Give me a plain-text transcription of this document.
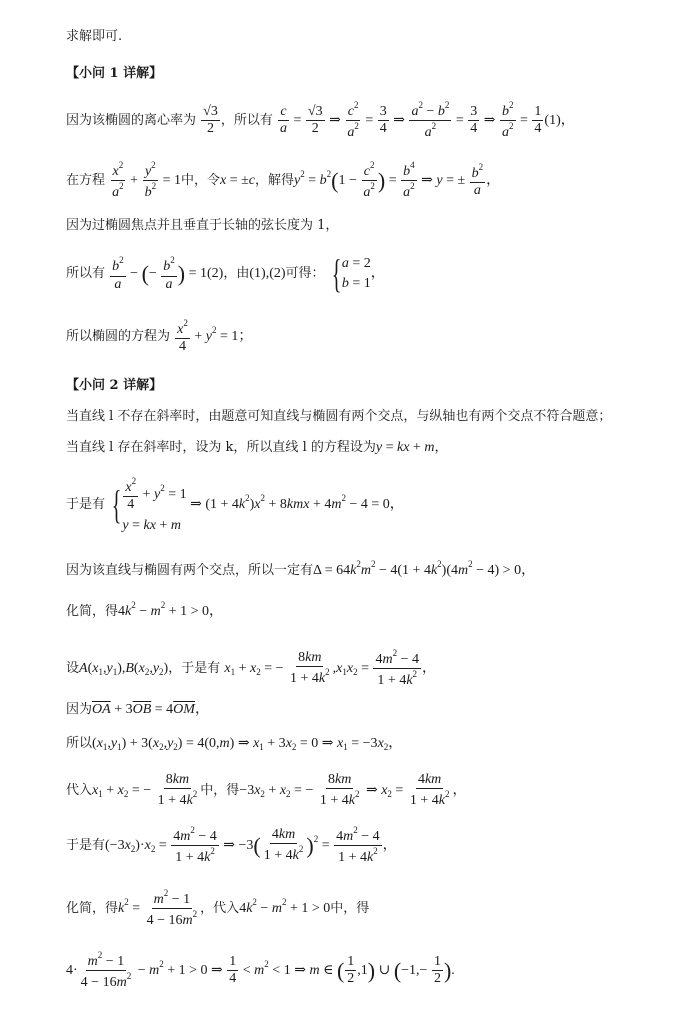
求解即可.
【小问 1 详解】
因为该椭圆的离心率为 $\frac{√3}{2}$ ，所以有 $\frac{c}{a} = \frac{√3}{2}$ ⇒ $\frac{c^2}{a^2} = \frac{3}{4}$ ⇒ $\frac{a^2 - b^2}{a^2} = \frac{3}{4}$ ⇒ $\frac{b^2}{a^2} = \frac{1}{4} (1)$，
在方程 $\frac{x^2}{a^2} + \frac{y^2}{b^2} = 1$中，令x = ±c，解得$y^2 = b^2(1 - \frac{c^2}{a^2}$ ) = $\frac{b^4}{a^2}$ ⇒ y = ± $\frac{b^2}{a}$ ，
因为过椭圆焦点并且垂直于长轴的弦长度为 1，
所以有 $\frac{b^2}{a}$ − (− $\frac{b^2}{a}$ ) = 1(2)，由(1),(2)可得： { a = 2
b = 1
，
所以椭圆的方程为 $\frac{x^2}{4} + y^2 = 1$；
【小问 2 详解】
当直线 l 不存在斜率时，由题意可知直线与椭圆有两个交点，与纵轴也有两个交点不符合题意；
当直线 l 存在斜率时，设为 k，所以直线 l 的方程设为y = kx + m，
于是有 { $\frac{x^2}{4} + y^2 = 1$
y = kx + m
⇒ $(1 + 4k^2)x^2 + 8kmx + 4m^2 - 4 = 0$，
因为该直线与椭圆有两个交点，所以一定有$\Delta = 64k^2m^2 - 4(1 + 4k^2)(4m^2 - 4) > 0$，
化简，得$4k^2 - m^2 + 1 > 0$，
设$A(x_1,y_1),B(x_2,y_2)$，于是有 $x_1 + x_2$ = − $\frac{8km}{1 + 4k^2} ,x_1x_2 = \frac{4m^2 - 4}{1 + 4k^2}$ ，
因为$\overline{OA} + 3\overline{OB} = 4\overline{OM}$，
所以$(x_1,y_1) + 3(x_2,y_2) = 4(0,m)$ ⇒ $x_1 + 3x_2 = 0$ ⇒ $x_1 = -3x_2$，
代入$x_1 + x_2$ = − $\frac{8km}{1 + 4k^2}$ 中，得$-3x_2 + x_2$ = − $\frac{8km}{1 + 4k^2}$ ⇒ $x_2 = \frac{4km}{1 + 4k^2}$ ，
于是有$(-3x_2)\cdot x_2 = \frac{4m^2 - 4}{1 + 4k^2}$ ⇒ $-3( \frac{4km}{1 + 4k^2} )^2 = \frac{4m^2 - 4}{1 + 4k^2}$ ，
化简，得$k^2 = \frac{m^2 - 1}{4 - 16m^2}$ ，代入$4k^2 - m^2 + 1 > 0$中，得
$4\cdot \frac{m^2 - 1}{4 - 16m^2} - m^2 + 1 > 0$ ⇒ $\frac{1}{4} < m^2 < 1$ ⇒ m ∈ ( $\frac{1}{2} ,1$) ∪ ($-1,- \frac{1}{2}$ ).
